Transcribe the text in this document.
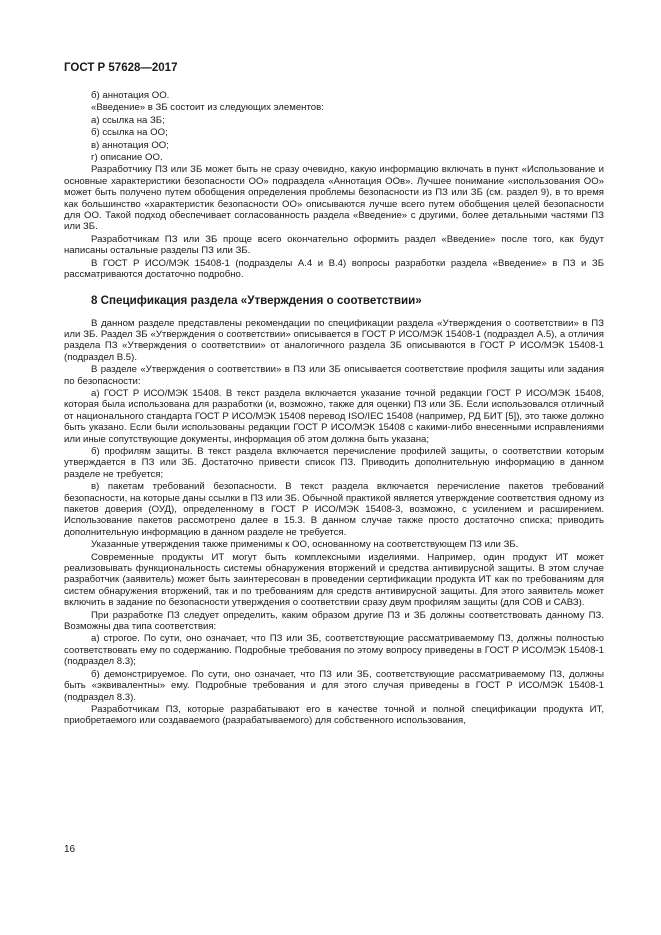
ГОСТ Р 57628—2017

б) аннотация ОО.

«Введение» в ЗБ состоит из следующих элементов:

а) ссылка на ЗБ;

б) ссылка на ОО;

в) аннотация ОО;

г) описание ОО.

Разработчику ПЗ или ЗБ может быть не сразу очевидно, какую информацию включать в пункт «Использование и основные характеристики безопасности ОО» подраздела «Аннотация ООв». Лучшее понимание «использования ОО» может быть получено путем обобщения определения проблемы безопасности из ПЗ или ЗБ (см. раздел 9), в то время как большинство «характеристик безопасности ОО» описываются лучше всего путем обобщения целей безопасности для ОО. Такой подход обеспечивает согласованность раздела «Введение» с другими, более детальными частями ПЗ или ЗБ.

Разработчикам ПЗ или ЗБ проще всего окончательно оформить раздел «Введение» после того, как будут написаны остальные разделы ПЗ или ЗБ.

В ГОСТ Р ИСО/МЭК 15408-1 (подразделы А.4 и В.4) вопросы разработки раздела «Введение» в ПЗ и ЗБ рассматриваются достаточно подробно.

8 Спецификация раздела «Утверждения о соответствии»

В данном разделе представлены рекомендации по спецификации раздела «Утверждения о соответствии» в ПЗ или ЗБ. Раздел ЗБ «Утверждения о соответствии» описывается в ГОСТ Р ИСО/МЭК 15408-1 (подраздел А.5), а отличия раздела ПЗ «Утверждения о соответствии» от аналогичного раздела ЗБ описываются в ГОСТ Р ИСО/МЭК 15408-1 (подраздел В.5).

В разделе «Утверждения о соответствии» в ПЗ или ЗБ описывается соответствие профиля защиты или задания по безопасности:

а) ГОСТ Р ИСО/МЭК 15408. В текст раздела включается указание точной редакции ГОСТ Р ИСО/МЭК 15408, которая была использована для разработки (и, возможно, также для оценки) ПЗ или ЗБ. Если использовался отличный от национального стандарта ГОСТ Р ИСО/МЭК 15408 перевод ISO/IEC 15408 (например, РД БИТ [5]), это также должно быть указано. Если были использованы редакции ГОСТ Р ИСО/МЭК 15408 с какими-либо внесенными исправлениями или иные сопутствующие документы, информация об этом должна быть указана;

б) профилям защиты. В текст раздела включается перечисление профилей защиты, о соответствии которым утверждается в ПЗ или ЗБ. Достаточно привести список ПЗ. Приводить дополнительную информацию в данном разделе не требуется;

в) пакетам требований безопасности. В текст раздела включается перечисление пакетов требований безопасности, на которые даны ссылки в ПЗ или ЗБ. Обычной практикой является утверждение соответствия одному из пакетов доверия (ОУД), определенному в ГОСТ Р ИСО/МЭК 15408-3, возможно, с усилением и расширением. Использование пакетов рассмотрено далее в 15.3. В данном случае также просто достаточно списка; приводить дополнительную информацию в данном разделе не требуется.

Указанные утверждения также применимы к ОО, основанному на соответствующем ПЗ или ЗБ.

Современные продукты ИТ могут быть комплексными изделиями. Например, один продукт ИТ может реализовывать функциональность системы обнаружения вторжений и средства антивирусной защиты. В этом случае разработчик (заявитель) может быть заинтересован в проведении сертификации продукта ИТ как по требованиям для систем обнаружения вторжений, так и по требованиям для средств антивирусной защиты. Для этого заявитель может включить в задание по безопасности утверждения о соответствии сразу двум профилям защиты (для СОВ и САВЗ).

При разработке ПЗ следует определить, каким образом другие ПЗ и ЗБ должны соответствовать данному ПЗ. Возможны два типа соответствия:

а) строгое. По сути, оно означает, что ПЗ или ЗБ, соответствующие рассматриваемому ПЗ, должны полностью соответствовать ему по содержанию. Подробные требования по этому вопросу приведены в ГОСТ Р ИСО/МЭК 15408-1 (подраздел 8.3);

б) демонстрируемое. По сути, оно означает, что ПЗ или ЗБ, соответствующие рассматриваемому ПЗ, должны быть «эквивалентны» ему. Подробные требования и для этого случая приведены в ГОСТ Р ИСО/МЭК 15408-1 (подраздел 8.3).

Разработчикам ПЗ, которые разрабатывают его в качестве точной и полной спецификации продукта ИТ, приобретаемого или создаваемого (разрабатываемого) для собственного использования,

16
